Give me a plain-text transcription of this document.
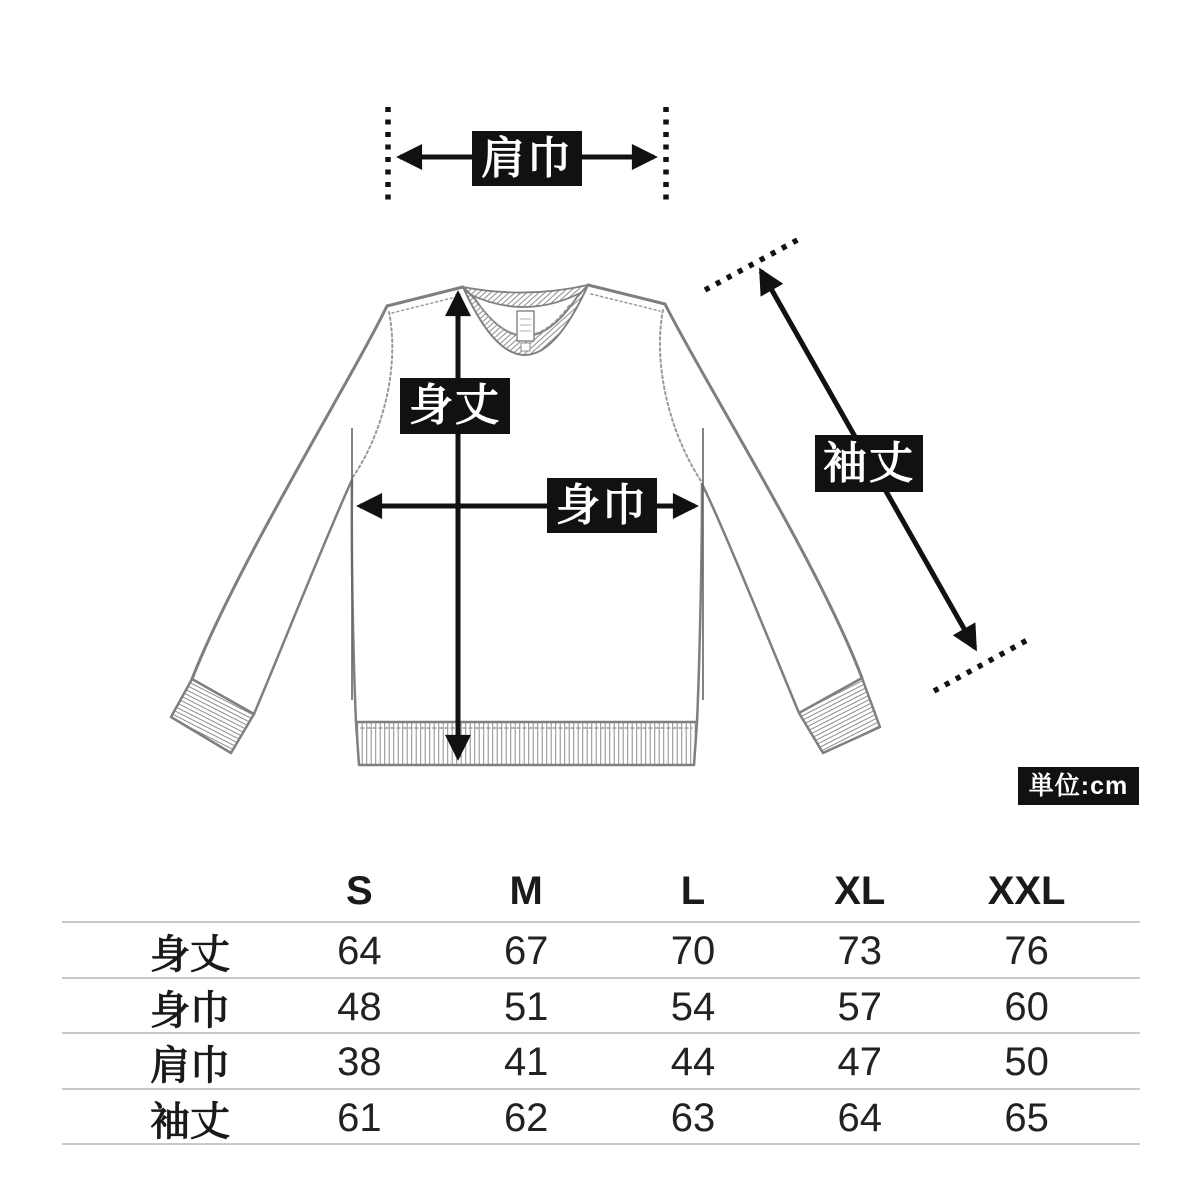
肩巾
身丈
身巾
袖丈
単位:cm
S	M	L	XL	XXL
身丈	64	67	70	73	76
身巾	48	51	54	57	60
肩巾	38	41	44	47	50
袖丈	61	62	63	64	65
